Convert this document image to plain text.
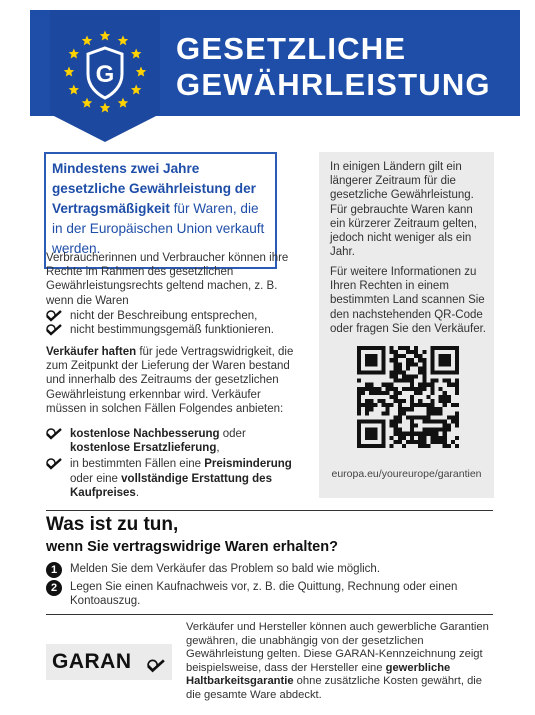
G
GESETZLICHE
GEWÄHRLEISTUNG
Mindestens zwei Jahre gesetzliche Gewährleistung der Vertragsmäßigkeit für Waren, die in der Europäischen Union verkauft werden.
Verbraucherinnen und Verbraucher können ihre Rechte im Rahmen des gesetzlichen Gewährleistungsrechts geltend machen, z. B. wenn die Waren
nicht der Beschreibung entsprechen,
nicht bestimmungsgemäß funktionieren.
Verkäufer haften für jede Vertragswidrigkeit, die zum Zeitpunkt der Lieferung der Waren bestand und innerhalb des Zeitraums der gesetzlichen Gewährleistung erkennbar wird. Verkäufer müssen in solchen Fällen Folgendes anbieten:
kostenlose Nachbesserung oder kostenlose Ersatzlieferung,
in bestimmten Fällen eine Preisminderung oder eine vollständige Erstattung des Kaufpreises.
In einigen Ländern gilt ein längerer Zeitraum für die gesetzliche Gewährleistung. Für gebrauchte Waren kann ein kürzerer Zeitraum gelten, jedoch nicht weniger als ein Jahr.
Für weitere Informationen zu Ihren Rechten in einem bestimmten Land scannen Sie den nachstehenden QR-Code oder fragen Sie den Verkäufer.
europa.eu/youreurope/garantien
Was ist zu tun,
wenn Sie vertragswidrige Waren erhalten?
1	Melden Sie dem Verkäufer das Problem so bald wie möglich.
2	Legen Sie einen Kaufnachweis vor, z. B. die Quittung, Rechnung oder einen Kontoauszug.
GARAN
Verkäufer und Hersteller können auch gewerbliche Garantien gewähren, die unabhängig von der gesetzlichen Gewährleistung gelten. Diese GARAN-Kennzeichnung zeigt beispielsweise, dass der Hersteller eine gewerbliche Haltbarkeitsgarantie ohne zusätzliche Kosten gewährt, die die gesamte Ware abdeckt.
